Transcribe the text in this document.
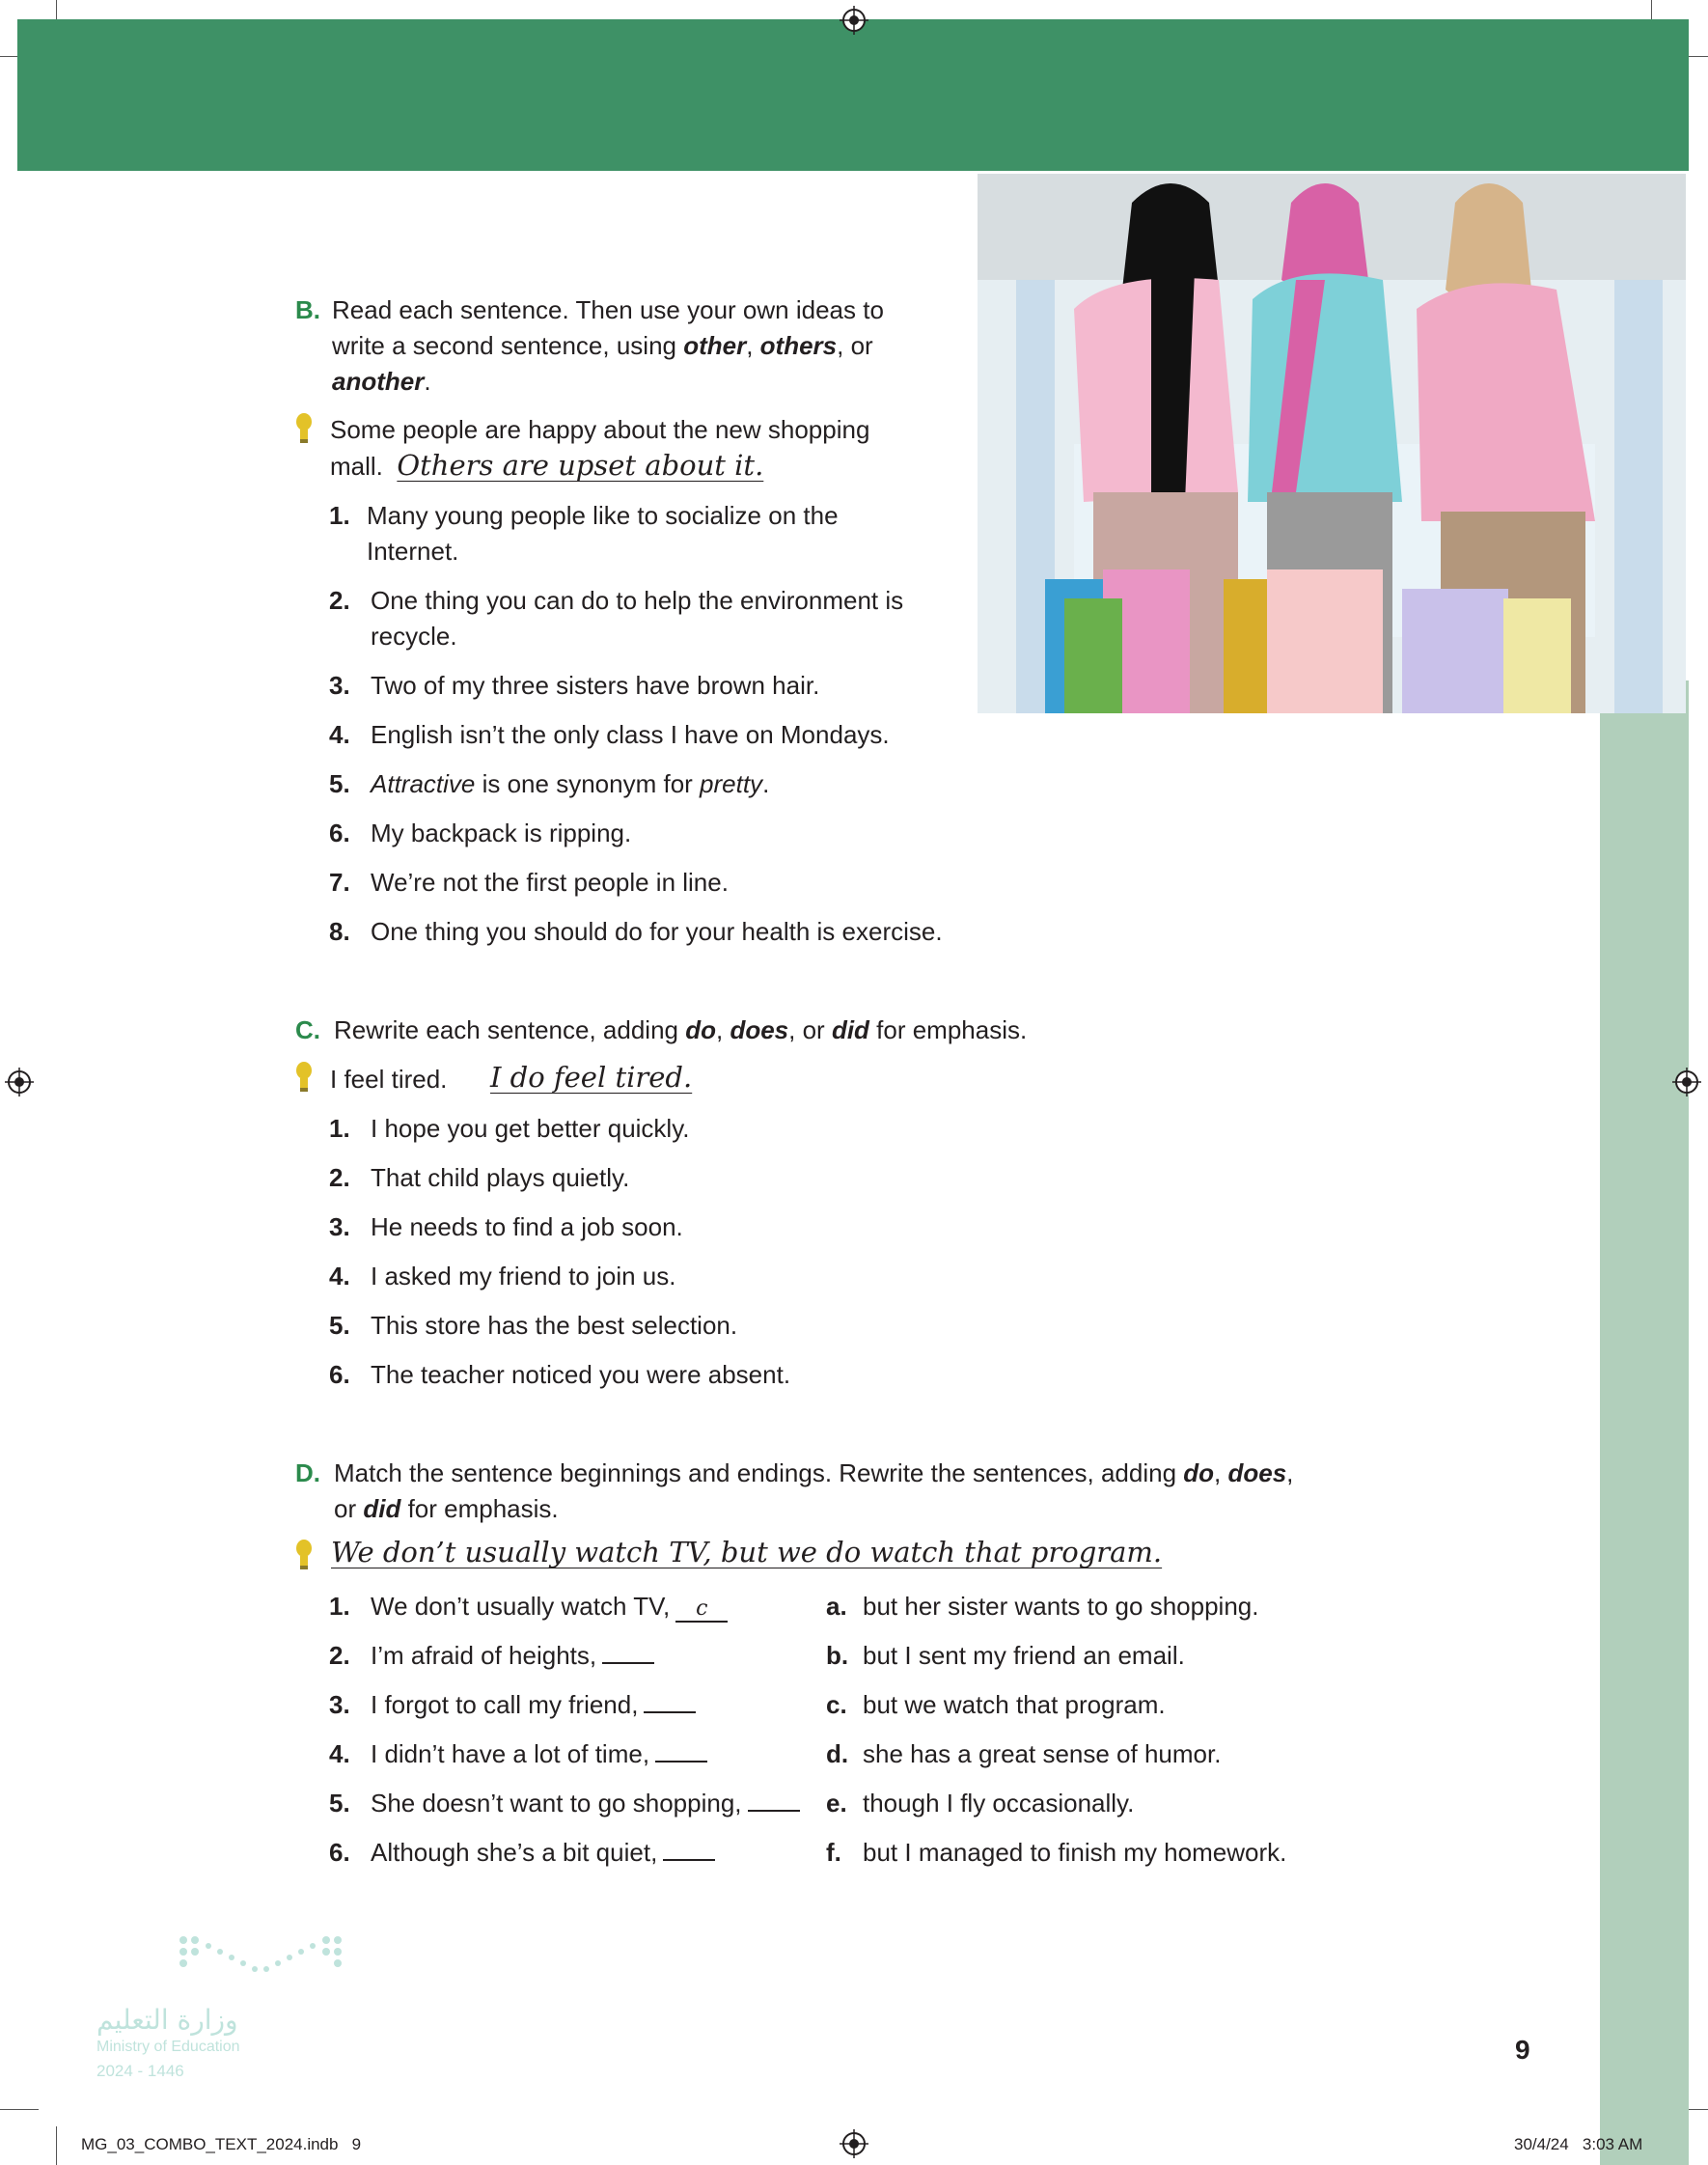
B. Read each sentence. Then use your own ideas to
write a second sentence, using other, others, or
another.
Some people are happy about the new shopping
mall. Others are upset about it.
1. Many young people like to socialize on the
Internet.
2. One thing you can do to help the environment is
recycle.
3. Two of my three sisters have brown hair.
4. English isn’t the only class I have on Mondays.
5. Attractive is one synonym for pretty.
6. My backpack is ripping.
7. We’re not the first people in line.
8. One thing you should do for your health is exercise.
C. Rewrite each sentence, adding do, does, or did for emphasis.
I feel tired. I do feel tired.
1. I hope you get better quickly.
2. That child plays quietly.
3. He needs to find a job soon.
4. I asked my friend to join us.
5. This store has the best selection.
6. The teacher noticed you were absent.
D. Match the sentence beginnings and endings. Rewrite the sentences, adding do, does,
or did for emphasis.
We don’t usually watch TV, but we do watch that program.
1. We don’t usually watch TV, c
2. I’m afraid of heights,
3. I forgot to call my friend,
4. I didn’t have a lot of time,
5. She doesn’t want to go shopping,
6. Although she’s a bit quiet,
a. but her sister wants to go shopping.
b. but I sent my friend an email.
c. but we watch that program.
d. she has a great sense of humor.
e. though I fly occasionally.
f. but I managed to finish my homework.
وزارة التعليم
Ministry of Education
2024 - 1446
9
MG_03_COMBO_TEXT_2024.indb   9	30/4/24   3:03 AM
